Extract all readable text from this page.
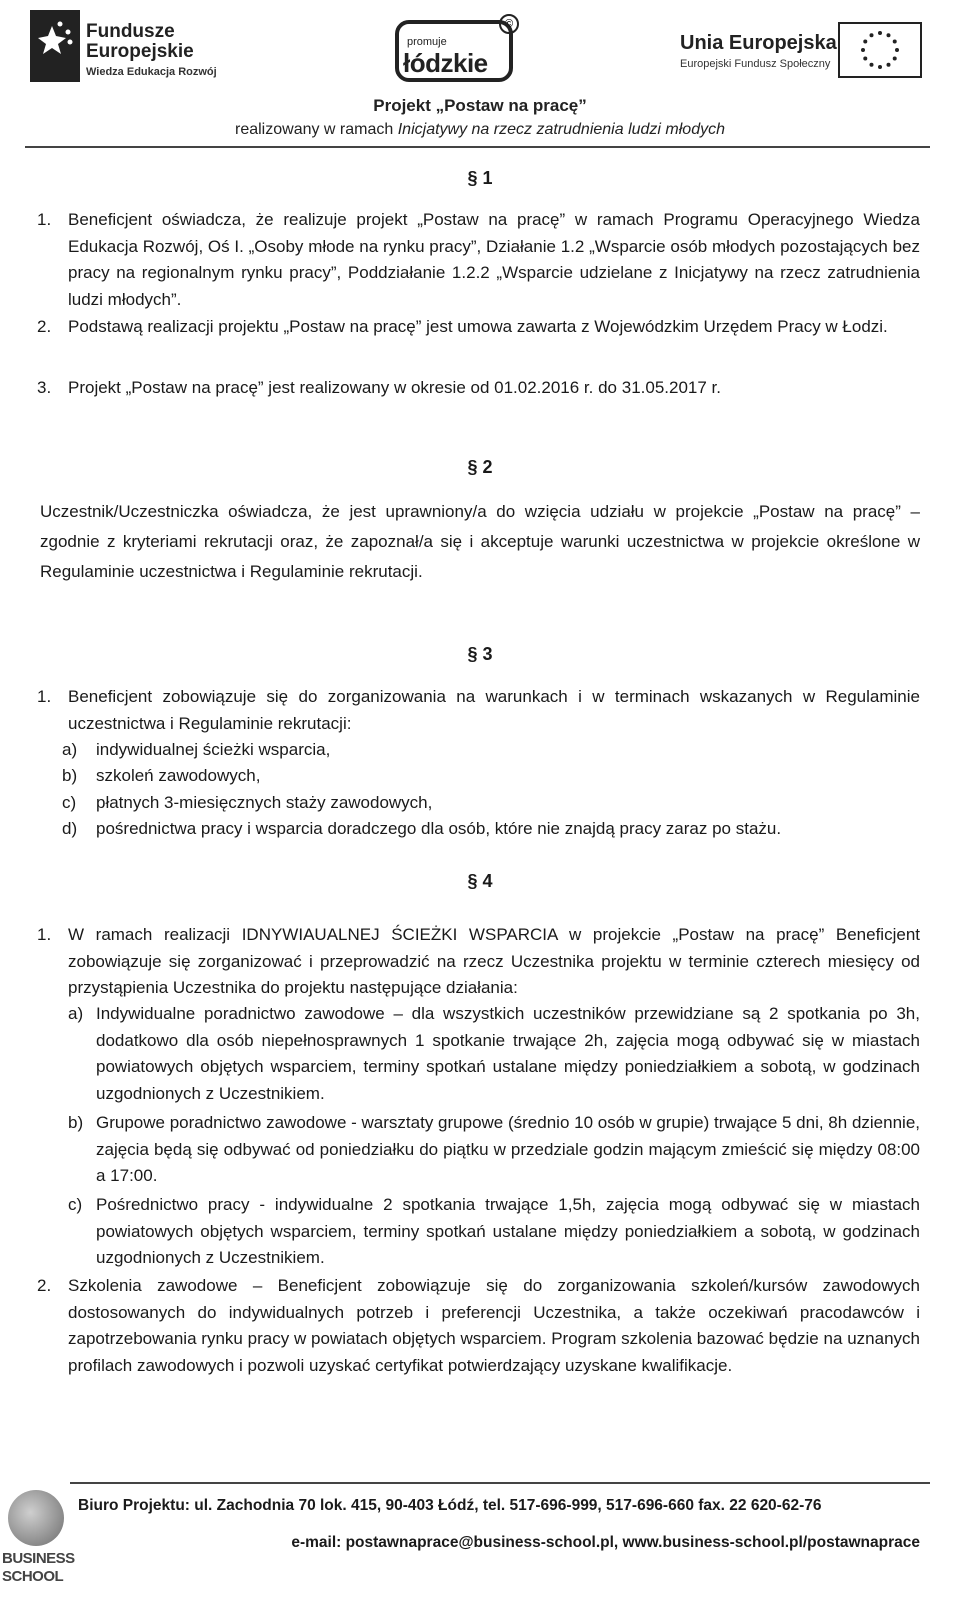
Fundusze
Europejskie
Wiedza Edukacja Rozwój
promuje
łódzkie
©
Unia Europejska
Europejski Fundusz Społeczny
Projekt „Postaw na pracę”
realizowany w ramach Inicjatywy na rzecz zatrudnienia ludzi młodych
§ 1
1. Beneficjent oświadcza, że realizuje projekt „Postaw na pracę” w ramach Programu Operacyjnego Wiedza Edukacja Rozwój, Oś I. „Osoby młode na rynku pracy”, Działanie 1.2 „Wsparcie osób młodych pozostających bez pracy na regionalnym rynku pracy”, Poddziałanie 1.2.2 „Wsparcie udzielane z Inicjatywy na rzecz zatrudnienia ludzi młodych”.

2. Podstawą realizacji projektu „Postaw na pracę” jest umowa zawarta z Wojewódzkim Urzędem Pracy w Łodzi.

3. Projekt „Postaw na pracę” jest realizowany w okresie od 01.02.2016 r. do 31.05.2017 r.

§ 2

Uczestnik/Uczestniczka oświadcza, że jest uprawniony/a do wzięcia udziału w projekcie „Postaw na pracę” – zgodnie z kryteriami rekrutacji oraz, że zapoznał/a się i akceptuje warunki uczestnictwa w projekcie określone w Regulaminie uczestnictwa i Regulaminie rekrutacji.

§ 3
1. Beneficjent zobowiązuje się do zorganizowania na warunkach i w terminach wskazanych w Regulaminie uczestnictwa i Regulaminie rekrutacji:

a) indywidualnej ścieżki wsparcia,

b) szkoleń zawodowych,

c) płatnych 3-miesięcznych staży zawodowych,

d) pośrednictwa pracy i wsparcia doradczego dla osób, które nie znajdą pracy zaraz po stażu.

§ 4
1. W ramach realizacji IDNYWIAUALNEJ ŚCIEŻKI WSPARCIA w projekcie „Postaw na pracę” Beneficjent zobowiązuje się zorganizować i przeprowadzić na rzecz Uczestnika projektu w terminie czterech miesięcy od przystąpienia Uczestnika do projektu następujące działania:

a) Indywidualne poradnictwo zawodowe – dla wszystkich uczestników przewidziane są 2 spotkania po 3h, dodatkowo dla osób niepełnosprawnych 1 spotkanie trwające 2h, zajęcia mogą odbywać się w miastach powiatowych objętych wsparciem, terminy spotkań ustalane między poniedziałkiem a sobotą, w godzinach uzgodnionych z Uczestnikiem.

b) Grupowe poradnictwo zawodowe - warsztaty grupowe (średnio 10 osób w grupie) trwające 5 dni, 8h dziennie, zajęcia będą się odbywać od poniedziałku do piątku w przedziale godzin mającym zmieścić się między 08:00 a 17:00.

c) Pośrednictwo pracy - indywidualne 2 spotkania trwające 1,5h, zajęcia mogą odbywać się w miastach powiatowych objętych wsparciem, terminy spotkań ustalane między poniedziałkiem a sobotą, w godzinach uzgodnionych z Uczestnikiem.

2. Szkolenia zawodowe – Beneficjent zobowiązuje się do zorganizowania szkoleń/kursów zawodowych dostosowanych do indywidualnych potrzeb i preferencji Uczestnika, a także oczekiwań pracodawców i zapotrzebowania rynku pracy w powiatach objętych wsparciem. Program szkolenia bazować będzie na uznanych profilach zawodowych i pozwoli uzyskać certyfikat potwierdzający uzyskane kwalifikacje.

BUSINESS
SCHOOL
Biuro Projektu: ul. Zachodnia 70 lok. 415, 90-403 Łódź, tel. 517-696-999, 517-696-660 fax. 22 620-62-76
e-mail: postawnaprace@business-school.pl, www.business-school.pl/postawnaprace
